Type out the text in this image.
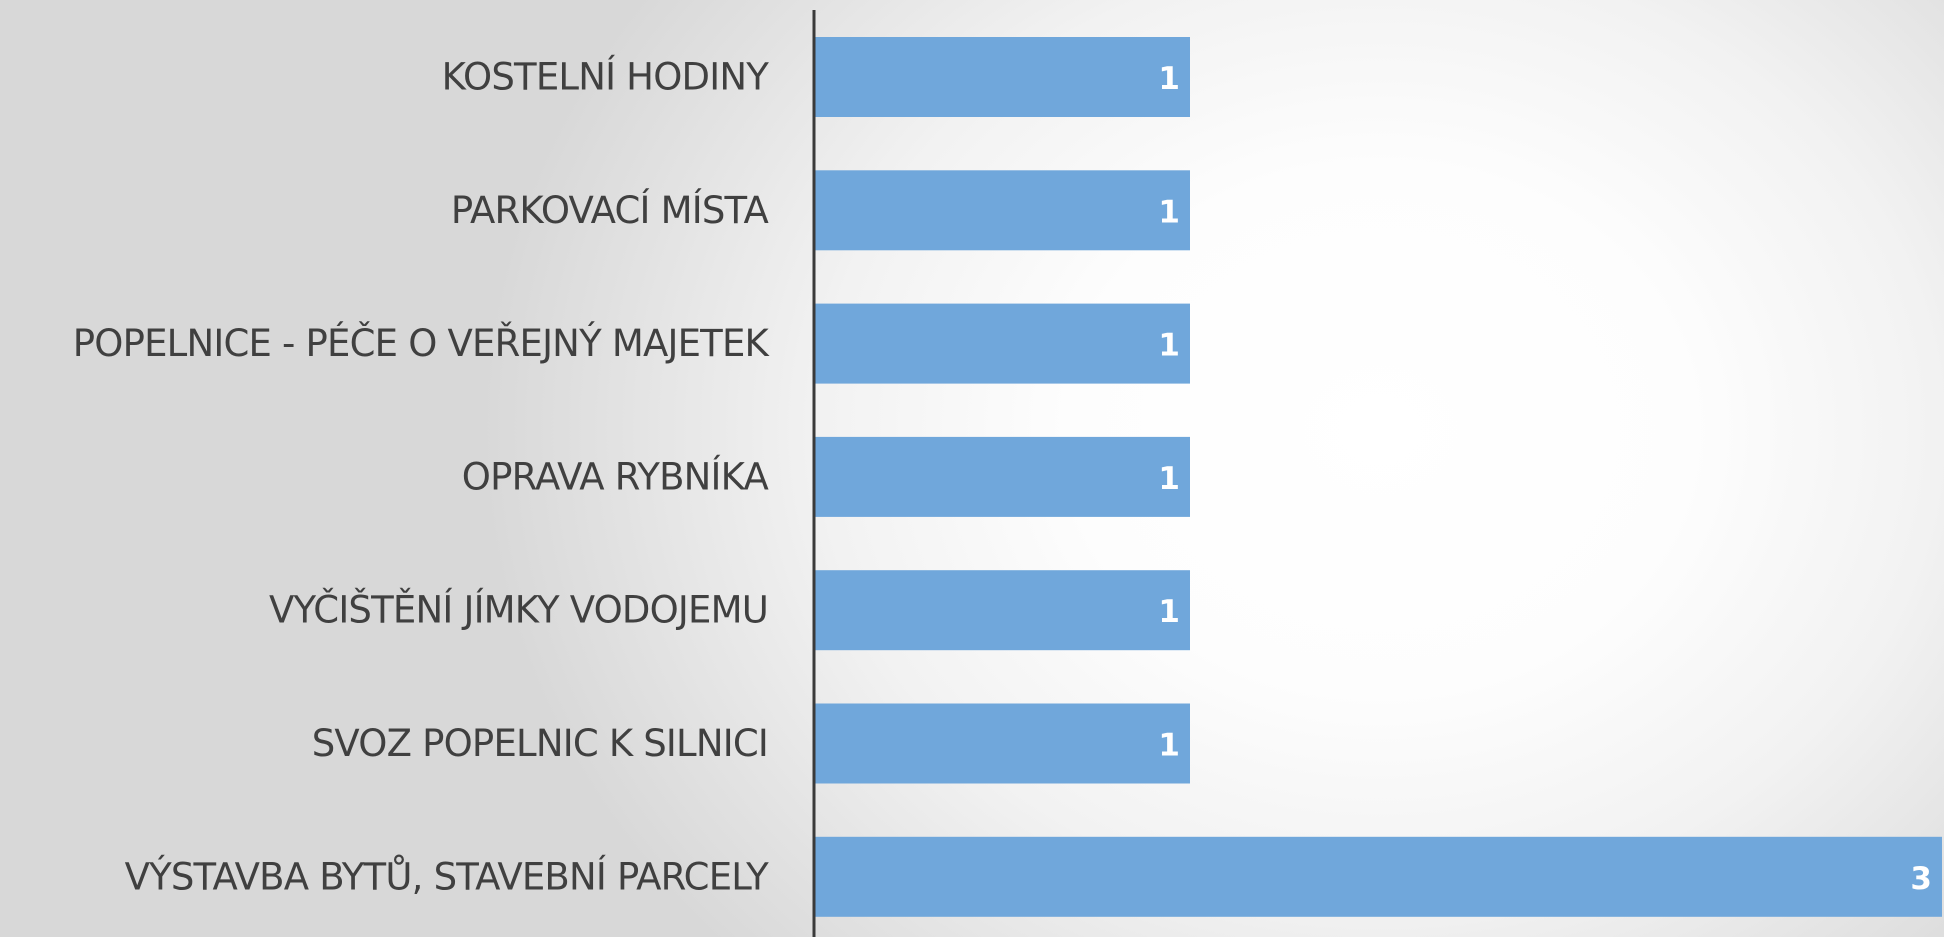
KOSTELNÍ HODINY
PARKOVACÍ MÍSTA
POPELNICE - PÉČE O VEŘEJNÝ MAJETEK
OPRAVA RYBNÍKA
VYČIŠTĚNÍ JÍMKY VODOJEMU
SVOZ POPELNIC K SILNICI
VÝSTAVBA BYTŮ, STAVEBNÍ PARCELY
1
1
1
1
1
1
3
